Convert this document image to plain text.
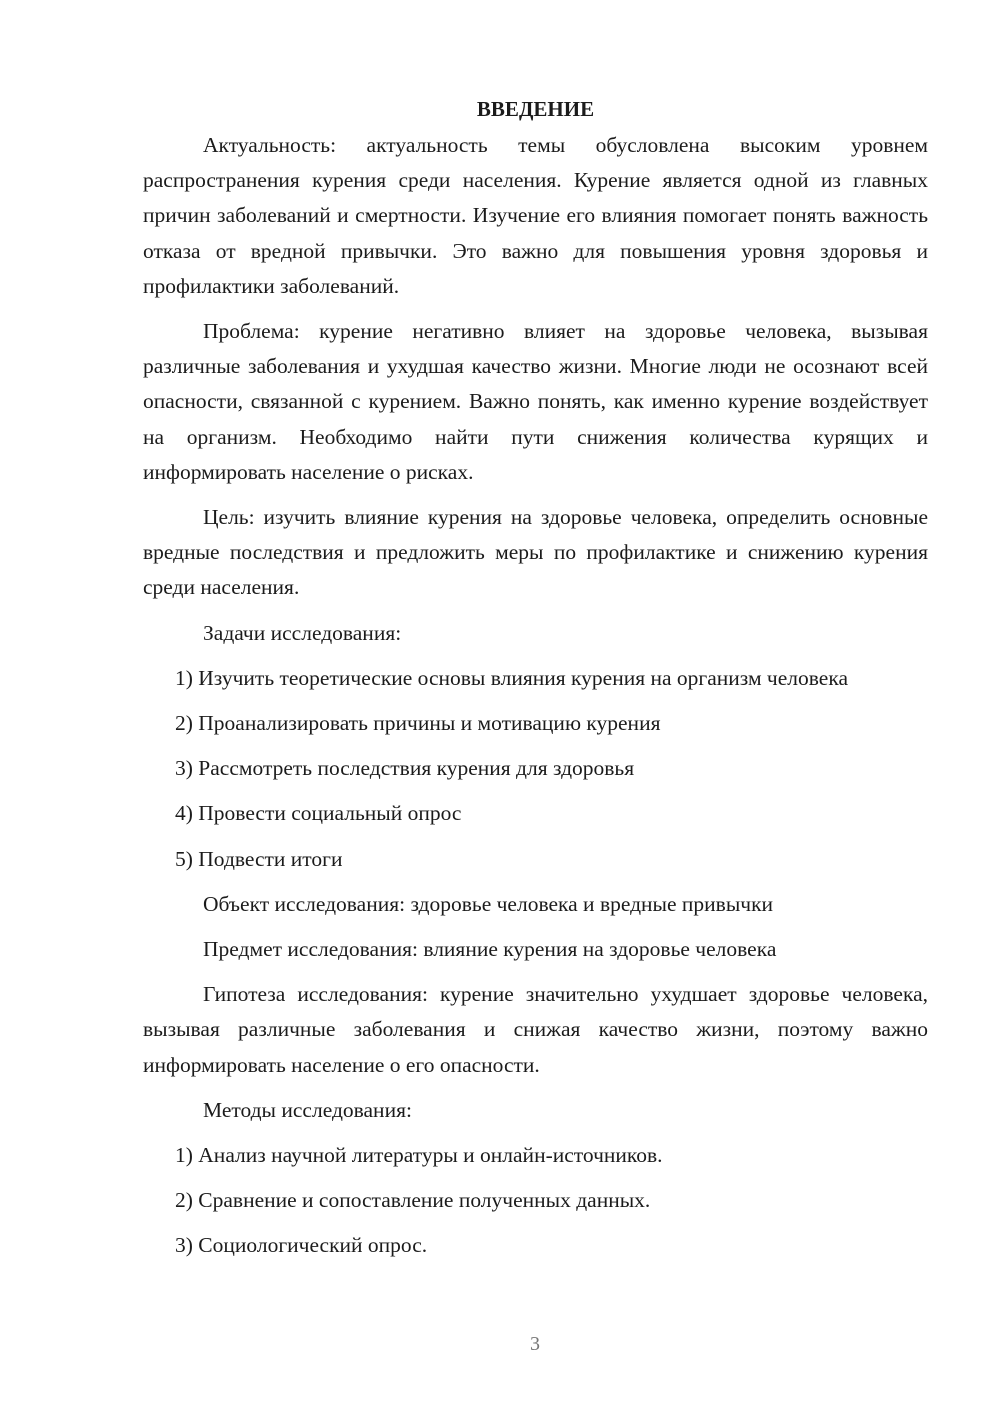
ВВЕДЕНИЕ

Актуальность: актуальность темы обусловлена высоким уровнем распространения курения среди населения. Курение является одной из главных причин заболеваний и смертности. Изучение его влияния помогает понять важность отказа от вредной привычки. Это важно для повышения уровня здоровья и профилактики заболеваний.

Проблема: курение негативно влияет на здоровье человека, вызывая различные заболевания и ухудшая качество жизни. Многие люди не осознают всей опасности, связанной с курением. Важно понять, как именно курение воздействует на организм. Необходимо найти пути снижения количества курящих и информировать население о рисках.

Цель: изучить влияние курения на здоровье человека, определить основные вредные последствия и предложить меры по профилактике и снижению курения среди населения.

Задачи исследования:

1) Изучить теоретические основы влияния курения на организм человека

2) Проанализировать причины и мотивацию курения

3) Рассмотреть последствия курения для здоровья

4) Провести социальный опрос

5) Подвести итоги

Объект исследования: здоровье человека и вредные привычки

Предмет исследования: влияние курения на здоровье человека

Гипотеза исследования: курение значительно ухудшает здоровье человека, вызывая различные заболевания и снижая качество жизни, поэтому важно информировать население о его опасности.

Методы исследования:

1) Анализ научной литературы и онлайн-источников.

2) Сравнение и сопоставление полученных данных.

3) Социологический опрос.

3
